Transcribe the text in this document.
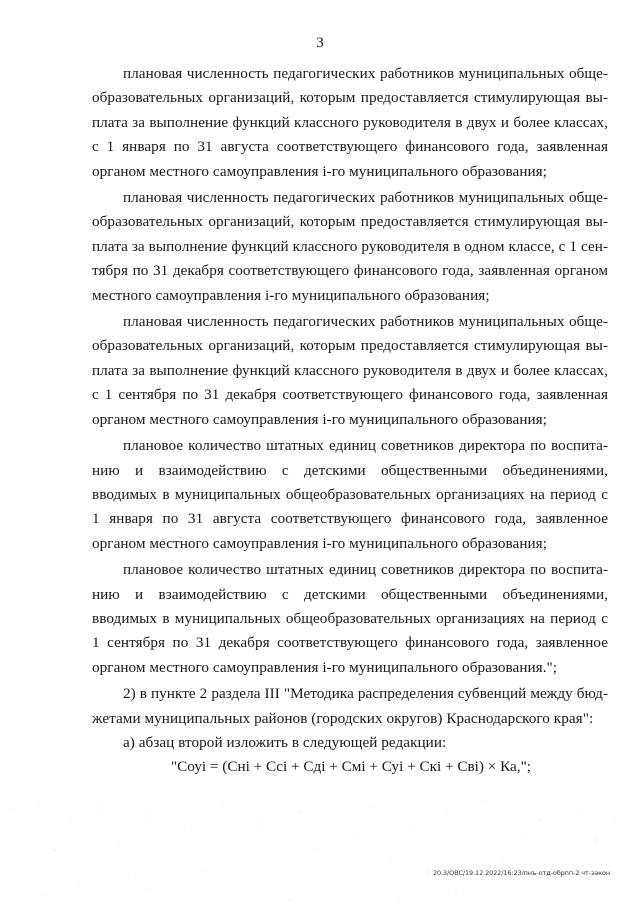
3

плановая численность педагогических работников муниципальных общеобразовательных организаций, которым предоставляется стимулирующая выплата за выполнение функций классного руководителя в двух и более классах, с 1 января по 31 августа соответствующего финансового года, заявленная органом местного самоуправления i-го муниципального образования;

плановая численность педагогических работников муниципальных общеобразовательных организаций, которым предоставляется стимулирующая выплата за выполнение функций классного руководителя в одном классе, с 1 сентября по 31 декабря соответствующего финансового года, заявленная органом местного самоуправления i-го муниципального образования;

плановая численность педагогических работников муниципальных общеобразовательных организаций, которым предоставляется стимулирующая выплата за выполнение функций классного руководителя в двух и более классах, с 1 сентября по 31 декабря соответствующего финансового года, заявленная органом местного самоуправления i-го муниципального образования;

плановое количество штатных единиц советников директора по воспитанию и взаимодействию с детскими общественными объединениями, вводимых в муниципальных общеобразовательных организациях на период с 1 января по 31 августа соответствующего финансового года, заявленное органом местного самоуправления i-го муниципального образования;

плановое количество штатных единиц советников директора по воспитанию и взаимодействию с детскими общественными объединениями, вводимых в муниципальных общеобразовательных организациях на период с 1 сентября по 31 декабря соответствующего финансового года, заявленное органом местного самоуправления i-го муниципального образования.";

2) в пункте 2 раздела III "Методика распределения субвенций между бюджетами муниципальных районов (городских округов) Краснодарского края":

а) абзац второй изложить в следующей редакции:

"Соуi = (Снi + Ссi + Сдi + Смi + Суi + Скi + Свi) × Ка,";

20.3/ОВС/19.12.2022/16:23/пнъ-отд-обрпп-2 чт-закон
